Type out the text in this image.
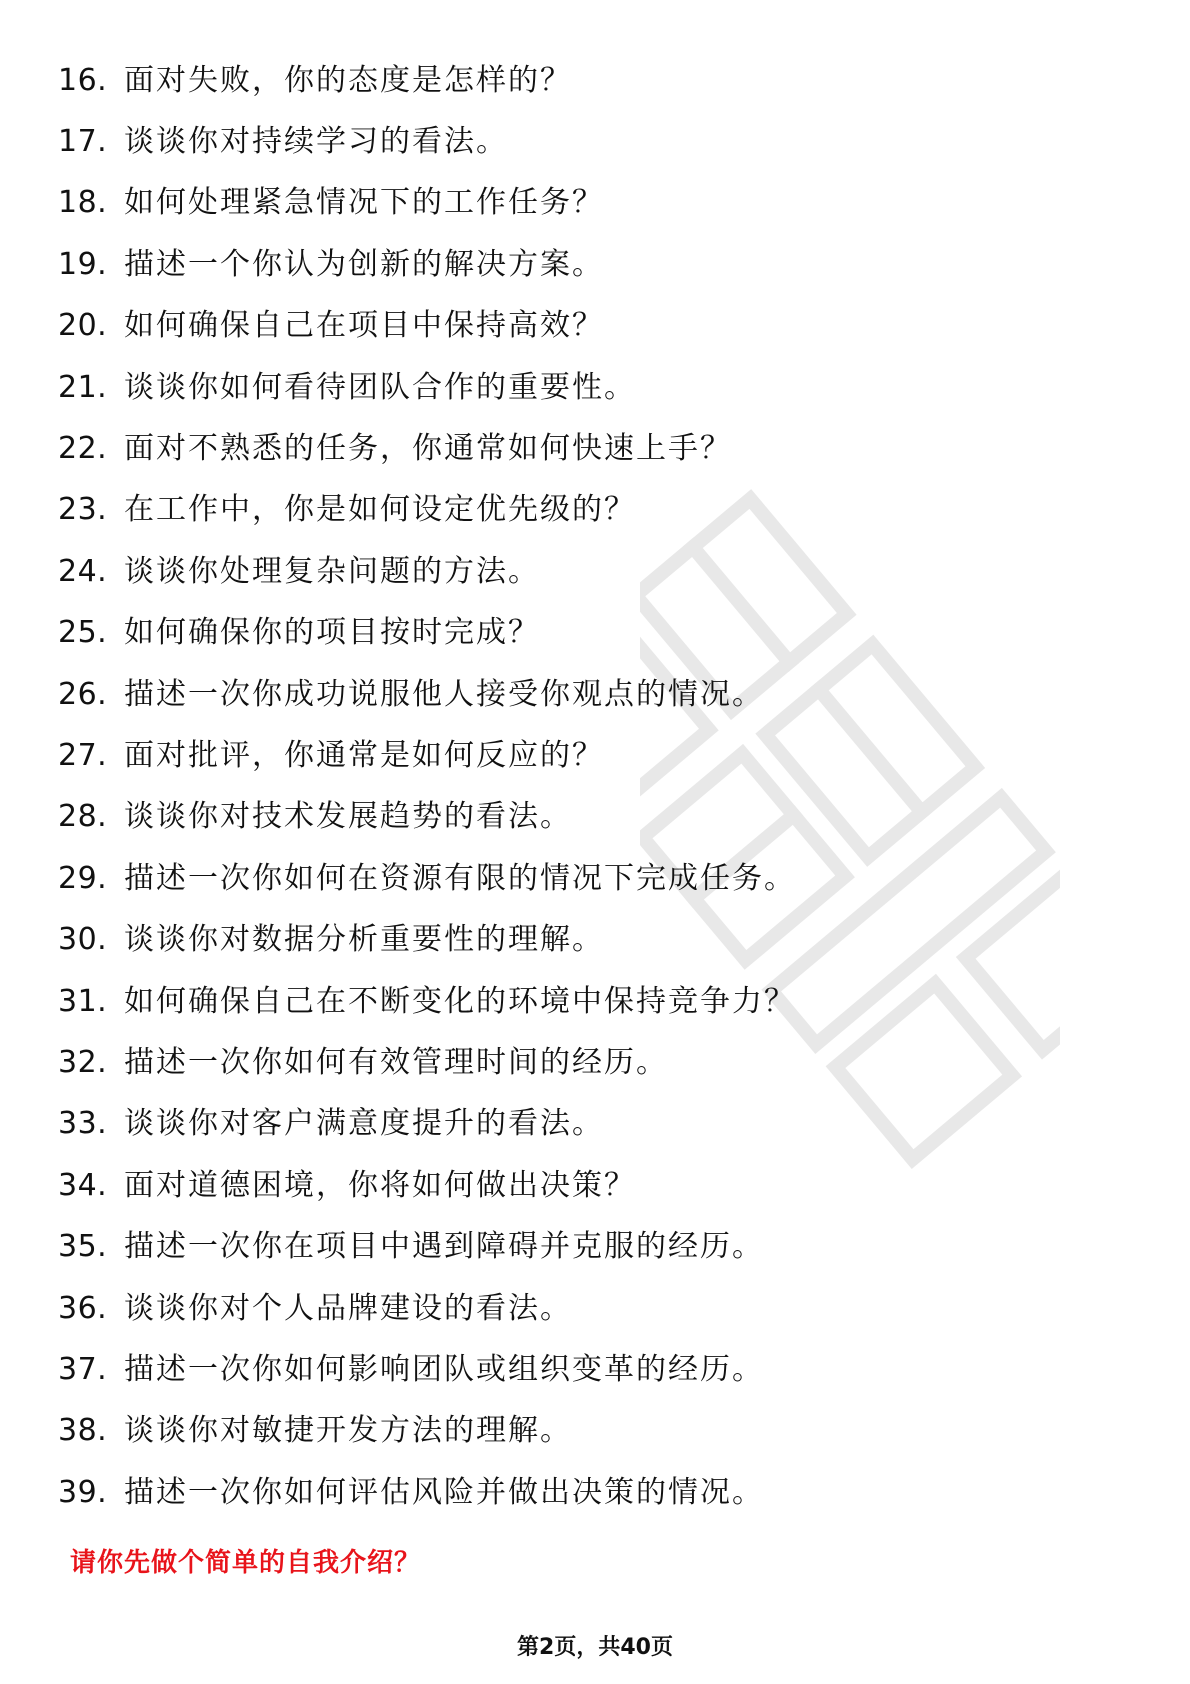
16. 面对失败，你的态度是怎样的？
17. 谈谈你对持续学习的看法。
18. 如何处理紧急情况下的工作任务？
19. 描述一个你认为创新的解决方案。
20. 如何确保自己在项目中保持高效？
21. 谈谈你如何看待团队合作的重要性。
22. 面对不熟悉的任务，你通常如何快速上手？
23. 在工作中，你是如何设定优先级的？
24. 谈谈你处理复杂问题的方法。
25. 如何确保你的项目按时完成？
26. 描述一次你成功说服他人接受你观点的情况。
27. 面对批评，你通常是如何反应的？
28. 谈谈你对技术发展趋势的看法。
29. 描述一次你如何在资源有限的情况下完成任务。
30. 谈谈你对数据分析重要性的理解。
31. 如何确保自己在不断变化的环境中保持竞争力？
32. 描述一次你如何有效管理时间的经历。
33. 谈谈你对客户满意度提升的看法。
34. 面对道德困境，你将如何做出决策？
35. 描述一次你在项目中遇到障碍并克服的经历。
36. 谈谈你对个人品牌建设的看法。
37. 描述一次你如何影响团队或组织变革的经历。
38. 谈谈你对敏捷开发方法的理解。
39. 描述一次你如何评估风险并做出决策的情况。
请你先做个简单的自我介绍？
第2页，共40页
